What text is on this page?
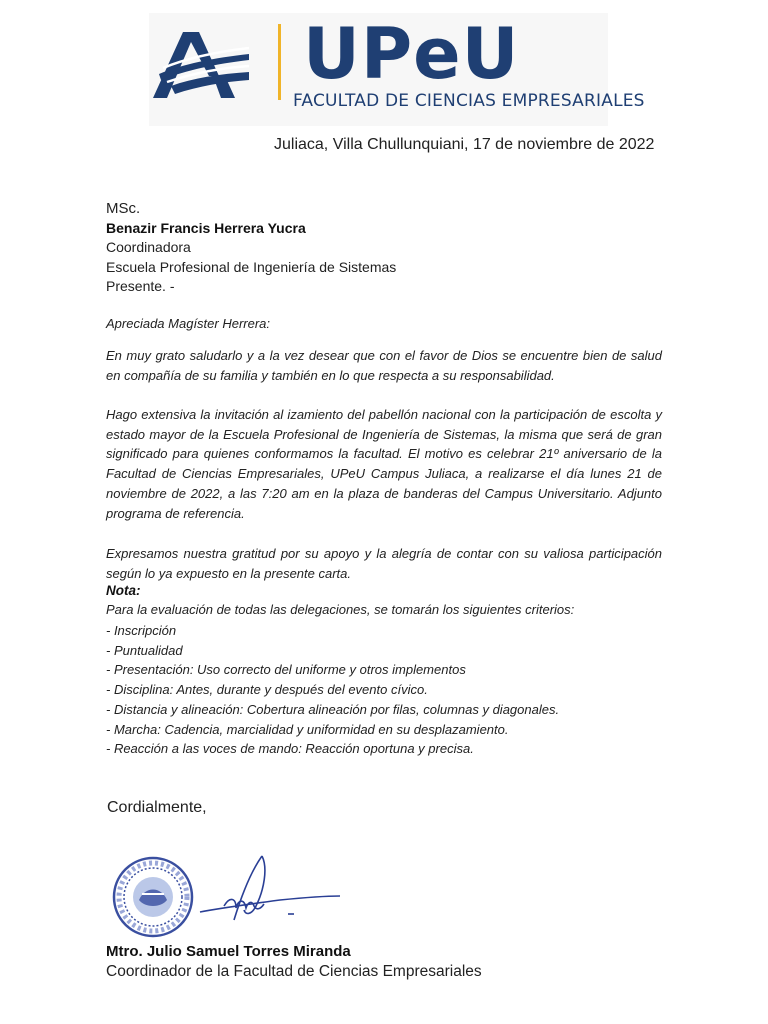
UPeU
FACULTAD DE CIENCIAS EMPRESARIALES
Juliaca, Villa Chullunquiani, 17 de noviembre de 2022
MSc.
Benazir Francis Herrera Yucra
Coordinadora
Escuela Profesional de Ingeniería de Sistemas
Presente. -
Apreciada Magíster Herrera:
En muy grato saludarlo y a la vez desear que con el favor de Dios se encuentre bien de salud en compañía de su familia y también en lo que respecta a su responsabilidad.
Hago extensiva la invitación al izamiento del pabellón nacional con la participación de escolta y estado mayor de la Escuela Profesional de Ingeniería de Sistemas, la misma que será de gran significado para quienes conformamos la facultad. El motivo es celebrar 21º aniversario de la Facultad de Ciencias Empresariales, UPeU Campus Juliaca, a realizarse el día lunes 21 de noviembre de 2022, a las 7:20 am en la plaza de banderas del Campus Universitario. Adjunto programa de referencia.
Expresamos nuestra gratitud por su apoyo y la alegría de contar con su valiosa participación según lo ya expuesto en la presente carta.
Nota:
Para la evaluación de todas las delegaciones, se tomarán los siguientes criterios:
- Inscripción
- Puntualidad
- Presentación: Uso correcto del uniforme y otros implementos
- Disciplina: Antes, durante y después del evento cívico.
- Distancia y alineación: Cobertura alineación por filas, columnas y diagonales.
- Marcha: Cadencia, marcialidad y uniformidad en su desplazamiento.
- Reacción a las voces de mando: Reacción oportuna y precisa.
Cordialmente,
Mtro. Julio Samuel Torres Miranda
Coordinador de la Facultad de Ciencias Empresariales
